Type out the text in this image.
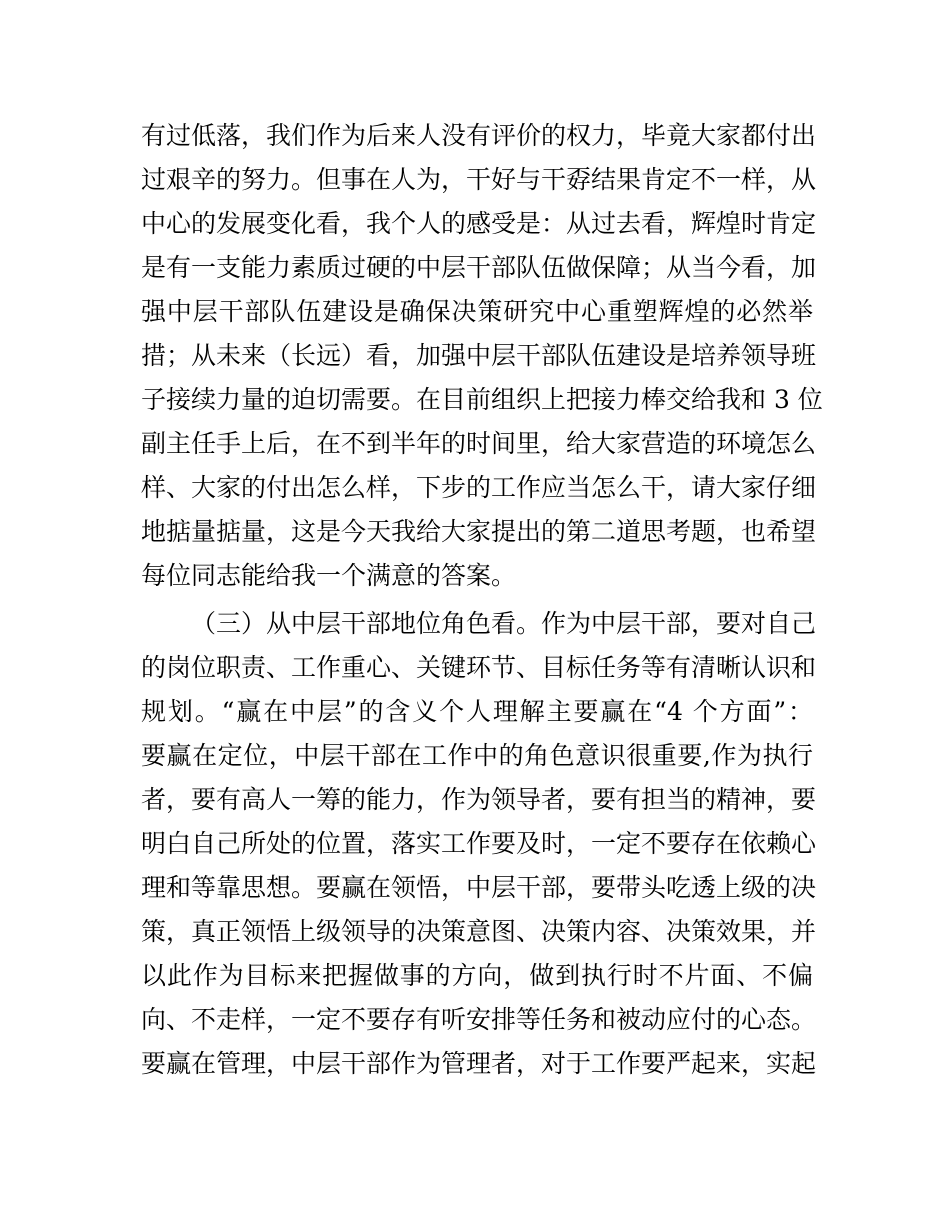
有过低落，我们作为后来人没有评价的权力，毕竟大家都付出
过艰辛的努力。但事在人为，干好与干孬结果肯定不一样，从
中心的发展变化看，我个人的感受是：从过去看，辉煌时肯定
是有一支能力素质过硬的中层干部队伍做保障；从当今看，加
强中层干部队伍建设是确保决策研究中心重塑辉煌的必然举
措；从未来（长远）看，加强中层干部队伍建设是培养领导班
子接续力量的迫切需要。在目前组织上把接力棒交给我和 3 位
副主任手上后，在不到半年的时间里，给大家营造的环境怎么
样、大家的付出怎么样，下步的工作应当怎么干，请大家仔细
地掂量掂量，这是今天我给大家提出的第二道思考题，也希望
每位同志能给我一个满意的答案。
（三）从中层干部地位角色看。作为中层干部，要对自己
的岗位职责、工作重心、关键环节、目标任务等有清晰认识和
规划。“赢在中层”的含义个人理解主要赢在“4 个方面”：
要赢在定位，中层干部在工作中的角色意识很重要,作为执行
者，要有高人一筹的能力，作为领导者，要有担当的精神，要
明白自己所处的位置，落实工作要及时，一定不要存在依赖心
理和等靠思想。要赢在领悟，中层干部，要带头吃透上级的决
策，真正领悟上级领导的决策意图、决策内容、决策效果，并
以此作为目标来把握做事的方向，做到执行时不片面、不偏
向、不走样，一定不要存有听安排等任务和被动应付的心态。
要赢在管理，中层干部作为管理者，对于工作要严起来，实起
